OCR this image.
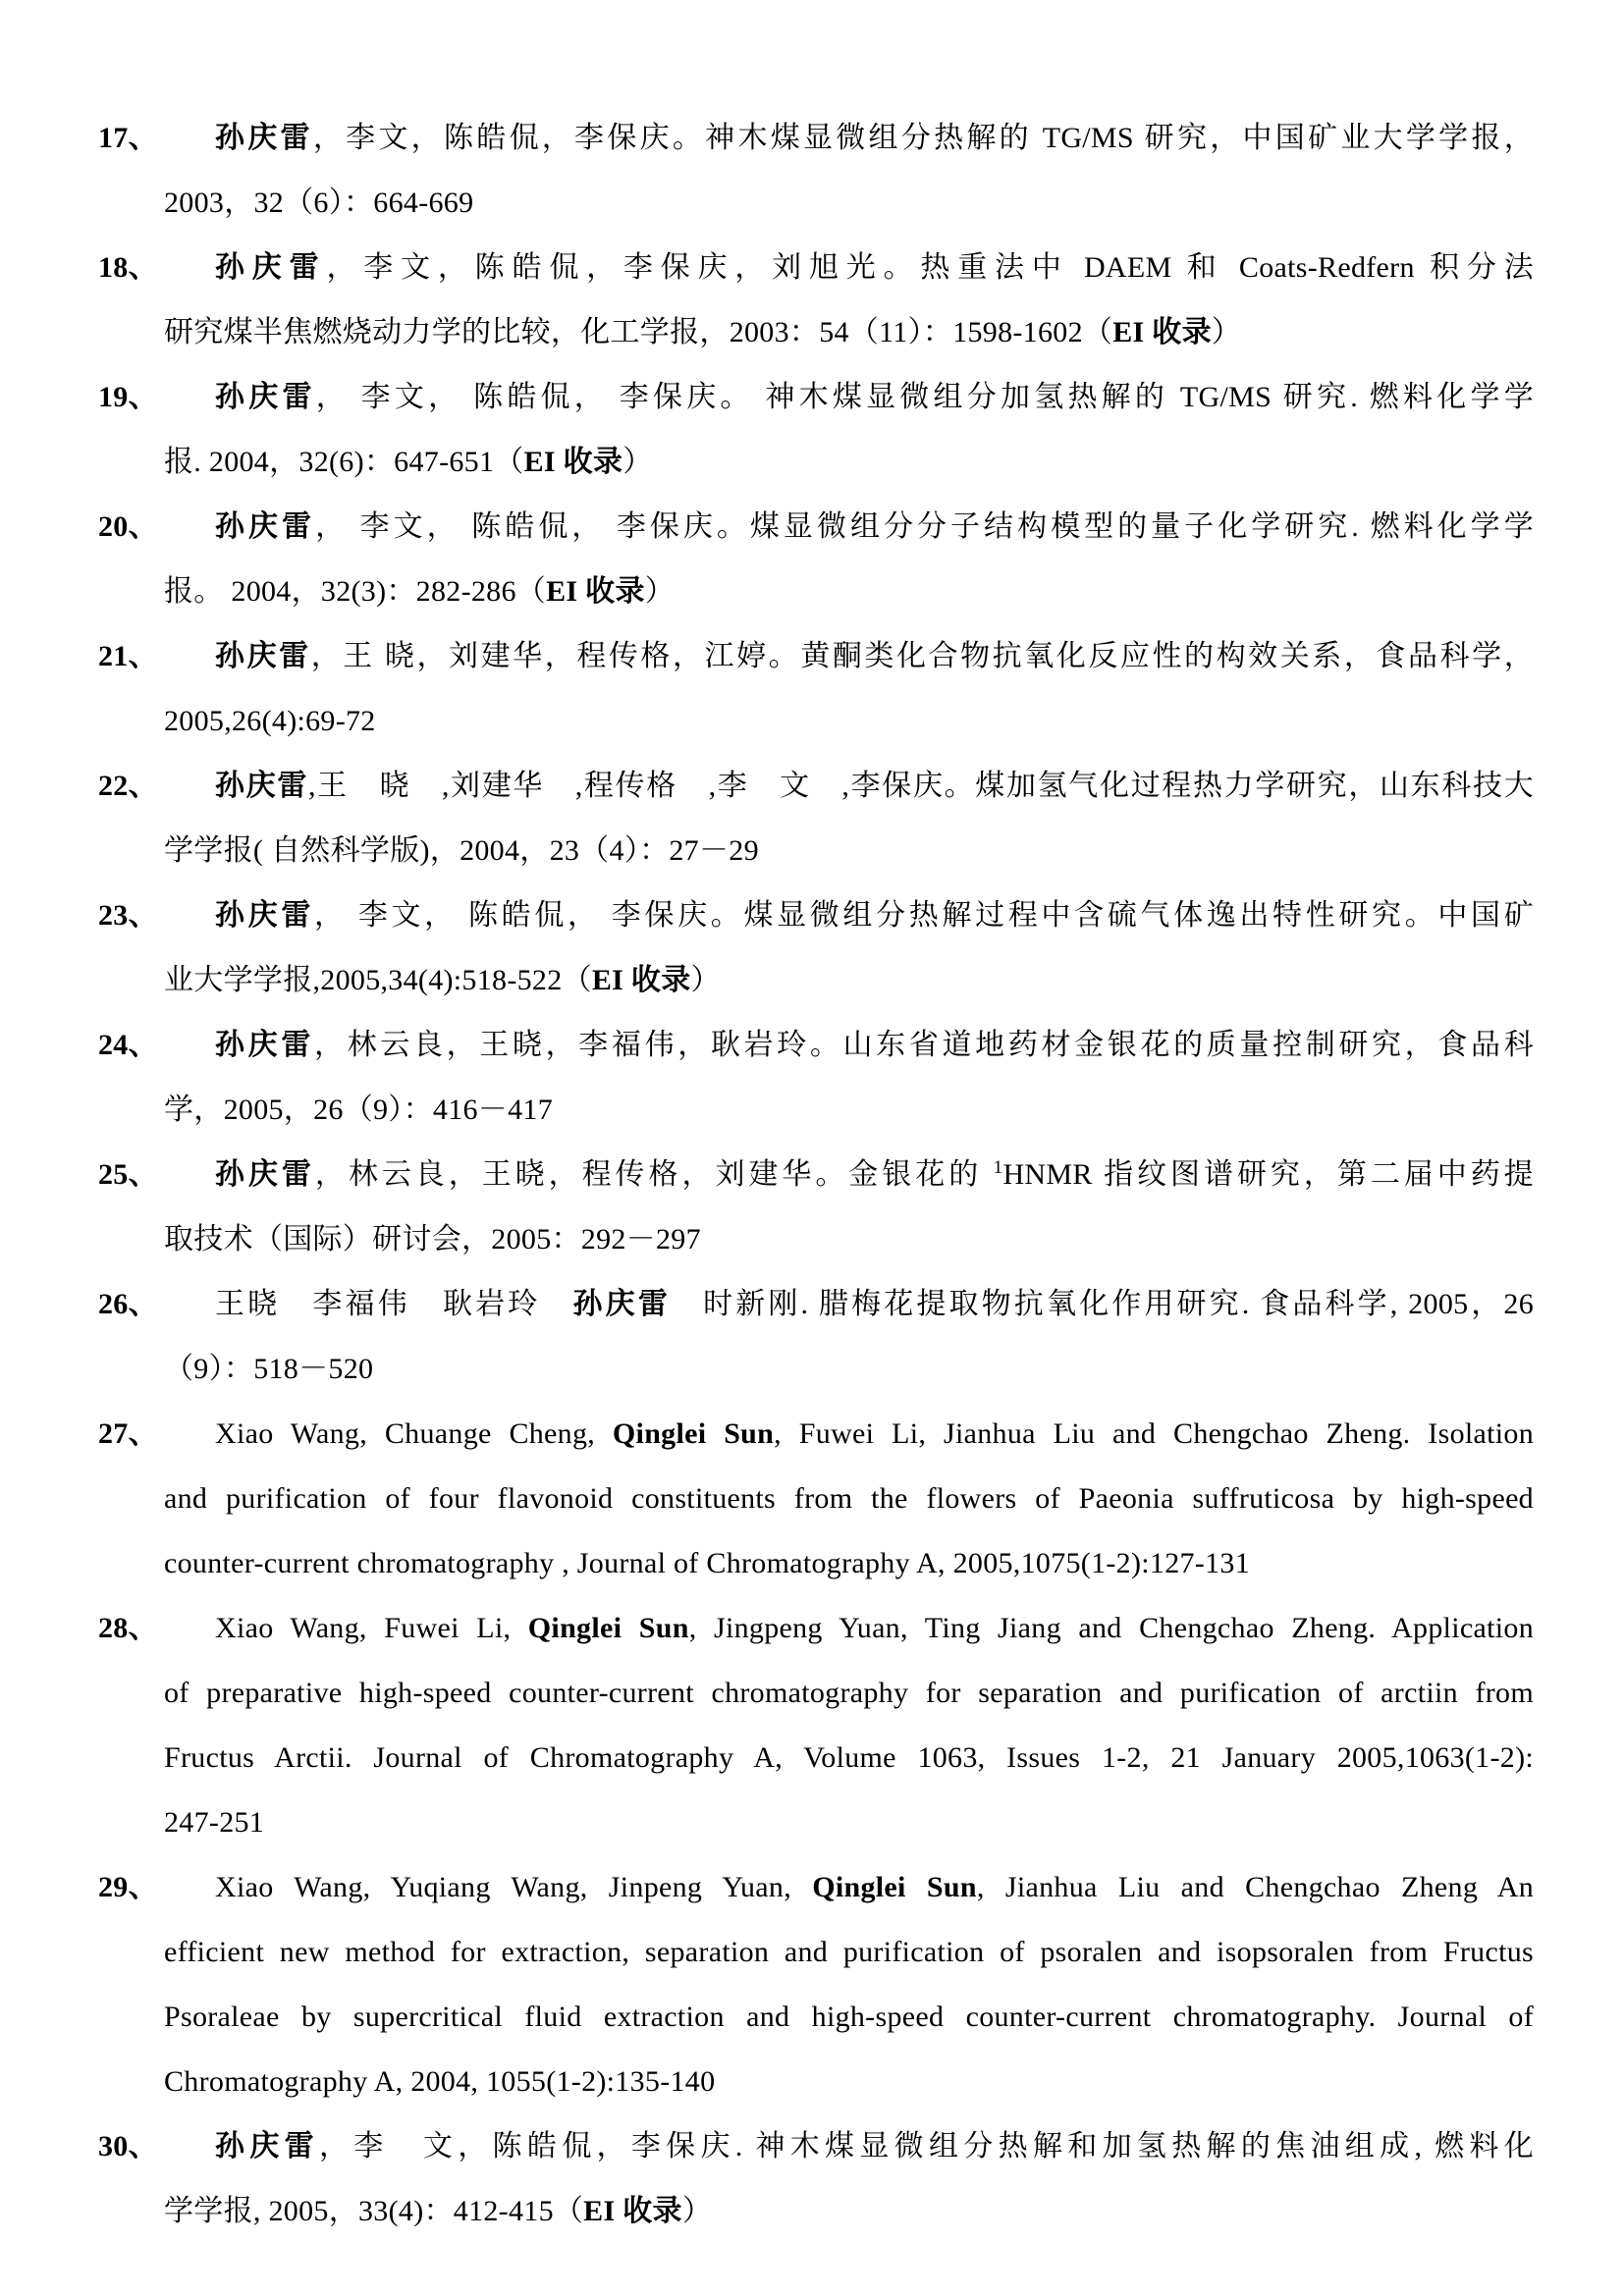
17、	孙庆雷，李文，陈皓侃，李保庆。神木煤显微组分热解的 TG/MS 研究，中国矿业大学学报，
2003，32（6）：664-669
18、	孙庆雷，李文，陈皓侃，李保庆，刘旭光。热重法中 DAEM 和 Coats-Redfern 积分法
研究煤半焦燃烧动力学的比较，化工学报，2003：54（11）：1598-1602（EI 收录）
19、	孙庆雷， 李文， 陈皓侃， 李保庆。 神木煤显微组分加氢热解的 TG/MS 研究. 燃料化学学
报. 2004，32(6)：647-651（EI 收录）
20、	孙庆雷， 李文， 陈皓侃， 李保庆。煤显微组分分子结构模型的量子化学研究. 燃料化学学
报。 2004，32(3)：282-286（EI 收录）
21、	孙庆雷，王 晓，刘建华，程传格，江婷。黄酮类化合物抗氧化反应性的构效关系，食品科学，
2005,26(4):69-72
22、	孙庆雷,王　晓　,刘建华　,程传格　,李　文　,李保庆。煤加氢气化过程热力学研究，山东科技大
学学报( 自然科学版)，2004，23（4）：27－29
23、	孙庆雷， 李文， 陈皓侃， 李保庆。煤显微组分热解过程中含硫气体逸出特性研究。中国矿
业大学学报,2005,34(4):518-522（EI 收录）
24、	孙庆雷，林云良，王晓，李福伟，耿岩玲。山东省道地药材金银花的质量控制研究，食品科
学，2005，26（9）：416－417
25、	孙庆雷，林云良，王晓，程传格，刘建华。金银花的 $^1$HNMR 指纹图谱研究，第二届中药提
取技术（国际）研讨会，2005：292－297
26、	王晓　李福伟　耿岩玲　孙庆雷　时新刚. 腊梅花提取物抗氧化作用研究. 食品科学, 2005，26
（9）：518－520
27、	Xiao Wang, Chuange Cheng, Qinglei Sun, Fuwei Li, Jianhua Liu and Chengchao Zheng. Isolation
and purification of four flavonoid constituents from the flowers of Paeonia suffruticosa by high-speed
counter-current chromatography , Journal of Chromatography A, 2005,1075(1-2):127-131
28、	Xiao Wang, Fuwei Li, Qinglei Sun, Jingpeng Yuan, Ting Jiang and Chengchao Zheng. Application
of preparative high-speed counter-current chromatography for separation and purification of arctiin from
Fructus Arctii. Journal of Chromatography A, Volume 1063, Issues 1-2, 21 January 2005,1063(1-2):
247-251
29、	Xiao Wang, Yuqiang Wang, Jinpeng Yuan, Qinglei Sun, Jianhua Liu and Chengchao Zheng An
efficient new method for extraction, separation and purification of psoralen and isopsoralen from Fructus
Psoraleae by supercritical fluid extraction and high-speed counter-current chromatography. Journal of
Chromatography A, 2004, 1055(1-2):135-140
30、	孙庆雷，李　文，陈皓侃，李保庆. 神木煤显微组分热解和加氢热解的焦油组成, 燃料化
学学报, 2005，33(4)：412-415（EI 收录）
